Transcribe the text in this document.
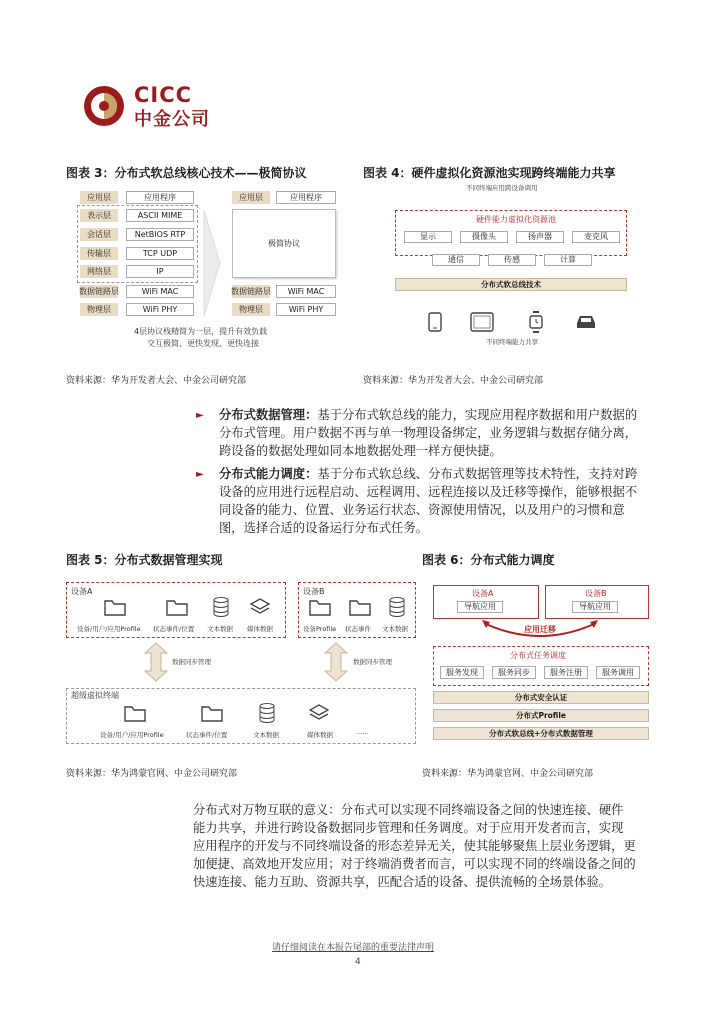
CICC
中金公司
图表 3：分布式软总线核心技术——极简协议
应用层	应用程序
表示层	ASCII MIME
会话层	NetBIOS RTP
传输层	TCP UDP
网络层	IP
数据链路层	WiFi MAC
物理层	WiFi PHY
应用层	应用程序
极简协议
数据链路层	WiFi MAC
物理层	WiFi PHY
4层协议栈精简为一层，提升有效负载
交互极简、更快发现、更快连接
资料来源：华为开发者大会、中金公司研究部
图表 4：硬件虚拟化资源池实现跨终端能力共享
不同终端应用跨设备调用
硬件能力虚拟化资源池
显示	摄像头	扬声器	麦克风
通信	传感	计算
分布式软总线技术
不同终端能力共享
资料来源：华为开发者大会、中金公司研究部
► 分布式数据管理：基于分布式软总线的能力，实现应用程序数据和用户数据的
分布式管理。用户数据不再与单一物理设备绑定，业务逻辑与数据存储分离，
跨设备的数据处理如同本地数据处理一样方便快捷。
► 分布式能力调度：基于分布式软总线、分布式数据管理等技术特性，支持对跨
设备的应用进行远程启动、远程调用、远程连接以及迁移等操作，能够根据不
同设备的能力、位置、业务运行状态、资源使用情况，以及用户的习惯和意
图，选择合适的设备运行分布式任务。
图表 5：分布式数据管理实现
设备A
设备/用户/应用Profile 状态事件/位置 文本数据 媒体数据
设备B
设备Profile 状态事件 文本数据
数据同步管理	数据同步管理
超级虚拟终端
设备/用户/应用Profile	状态事件/位置	文本数据	媒体数据	......
资料来源：华为鸿蒙官网、中金公司研究部
图表 6：分布式能力调度
设备A
导航应用
设备B
导航应用
应用迁移
分布式任务调度
服务发现	服务同步	服务注册	服务调用
分布式安全认证
分布式Profile
分布式软总线+分布式数据管理
资料来源：华为鸿蒙官网、中金公司研究部
分布式对万物互联的意义：分布式可以实现不同终端设备之间的快速连接、硬件
能力共享，并进行跨设备数据同步管理和任务调度。对于应用开发者而言，实现
应用程序的开发与不同终端设备的形态差异无关，使其能够聚焦上层业务逻辑，更
加便捷、高效地开发应用；对于终端消费者而言，可以实现不同的终端设备之间的
快速连接、能力互助、资源共享，匹配合适的设备、提供流畅的全场景体验。
请仔细阅读在本报告尾部的重要法律声明
4
